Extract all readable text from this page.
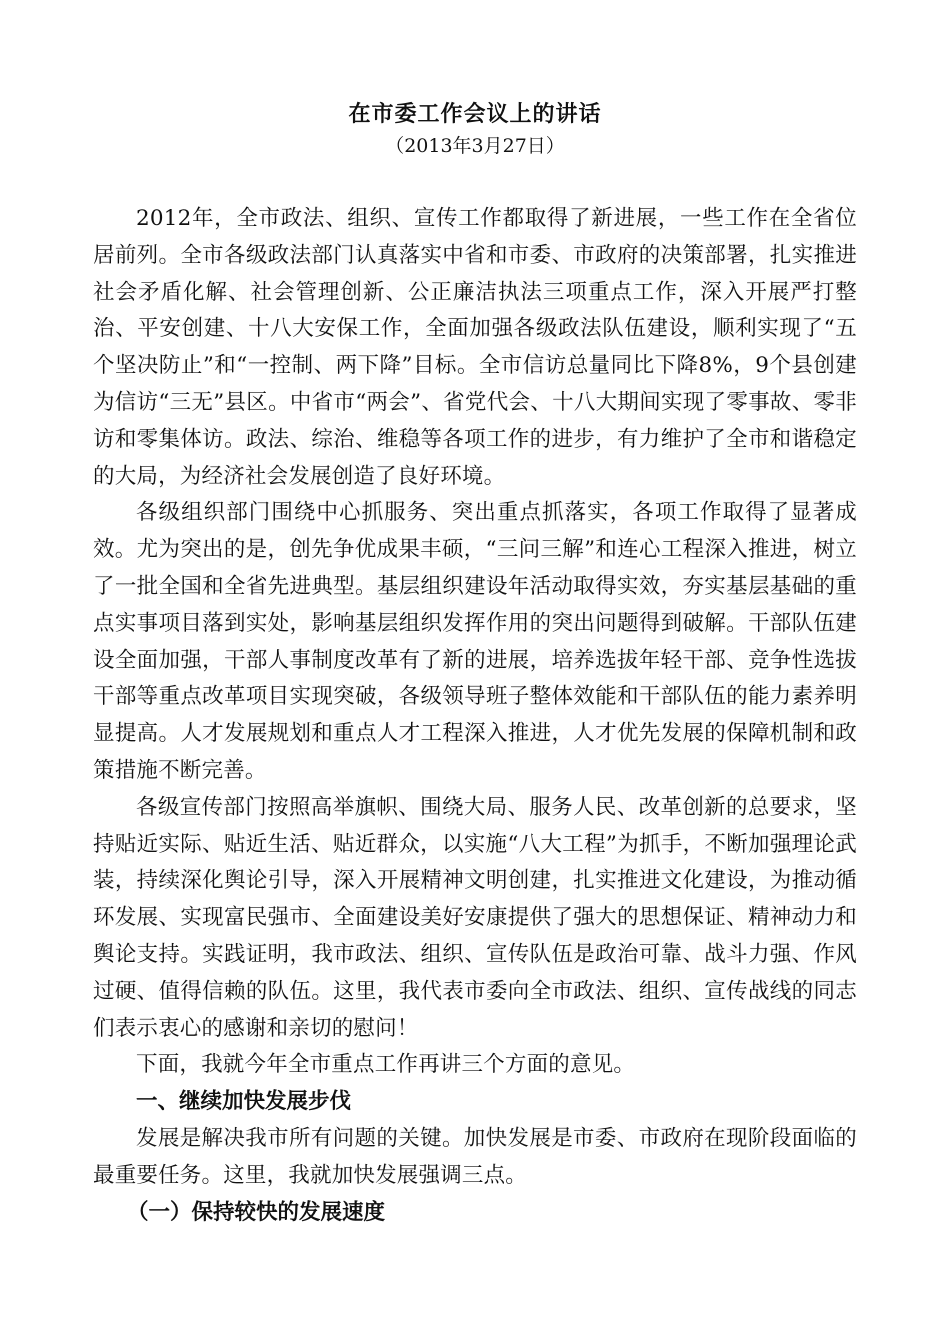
在市委工作会议上的讲话
（2013年3月27日）

2012年，全市政法、组织、宣传工作都取得了新进展，一些工作在全省位居前列。全市各级政法部门认真落实中省和市委、市政府的决策部署，扎实推进社会矛盾化解、社会管理创新、公正廉洁执法三项重点工作，深入开展严打整治、平安创建、十八大安保工作，全面加强各级政法队伍建设，顺利实现了“五个坚决防止”和“一控制、两下降”目标。全市信访总量同比下降8%，9个县创建为信访“三无”县区。中省市“两会”、省党代会、十八大期间实现了零事故、零非访和零集体访。政法、综治、维稳等各项工作的进步，有力维护了全市和谐稳定的大局，为经济社会发展创造了良好环境。

各级组织部门围绕中心抓服务、突出重点抓落实，各项工作取得了显著成效。尤为突出的是，创先争优成果丰硕，“三问三解”和连心工程深入推进，树立了一批全国和全省先进典型。基层组织建设年活动取得实效，夯实基层基础的重点实事项目落到实处，影响基层组织发挥作用的突出问题得到破解。干部队伍建设全面加强，干部人事制度改革有了新的进展，培养选拔年轻干部、竞争性选拔干部等重点改革项目实现突破，各级领导班子整体效能和干部队伍的能力素养明显提高。人才发展规划和重点人才工程深入推进，人才优先发展的保障机制和政策措施不断完善。

各级宣传部门按照高举旗帜、围绕大局、服务人民、改革创新的总要求，坚持贴近实际、贴近生活、贴近群众，以实施“八大工程”为抓手，不断加强理论武装，持续深化舆论引导，深入开展精神文明创建，扎实推进文化建设，为推动循环发展、实现富民强市、全面建设美好安康提供了强大的思想保证、精神动力和舆论支持。实践证明，我市政法、组织、宣传队伍是政治可靠、战斗力强、作风过硬、值得信赖的队伍。这里，我代表市委向全市政法、组织、宣传战线的同志们表示衷心的感谢和亲切的慰问！

下面，我就今年全市重点工作再讲三个方面的意见。

一、继续加快发展步伐

发展是解决我市所有问题的关键。加快发展是市委、市政府在现阶段面临的最重要任务。这里，我就加快发展强调三点。

（一）保持较快的发展速度
